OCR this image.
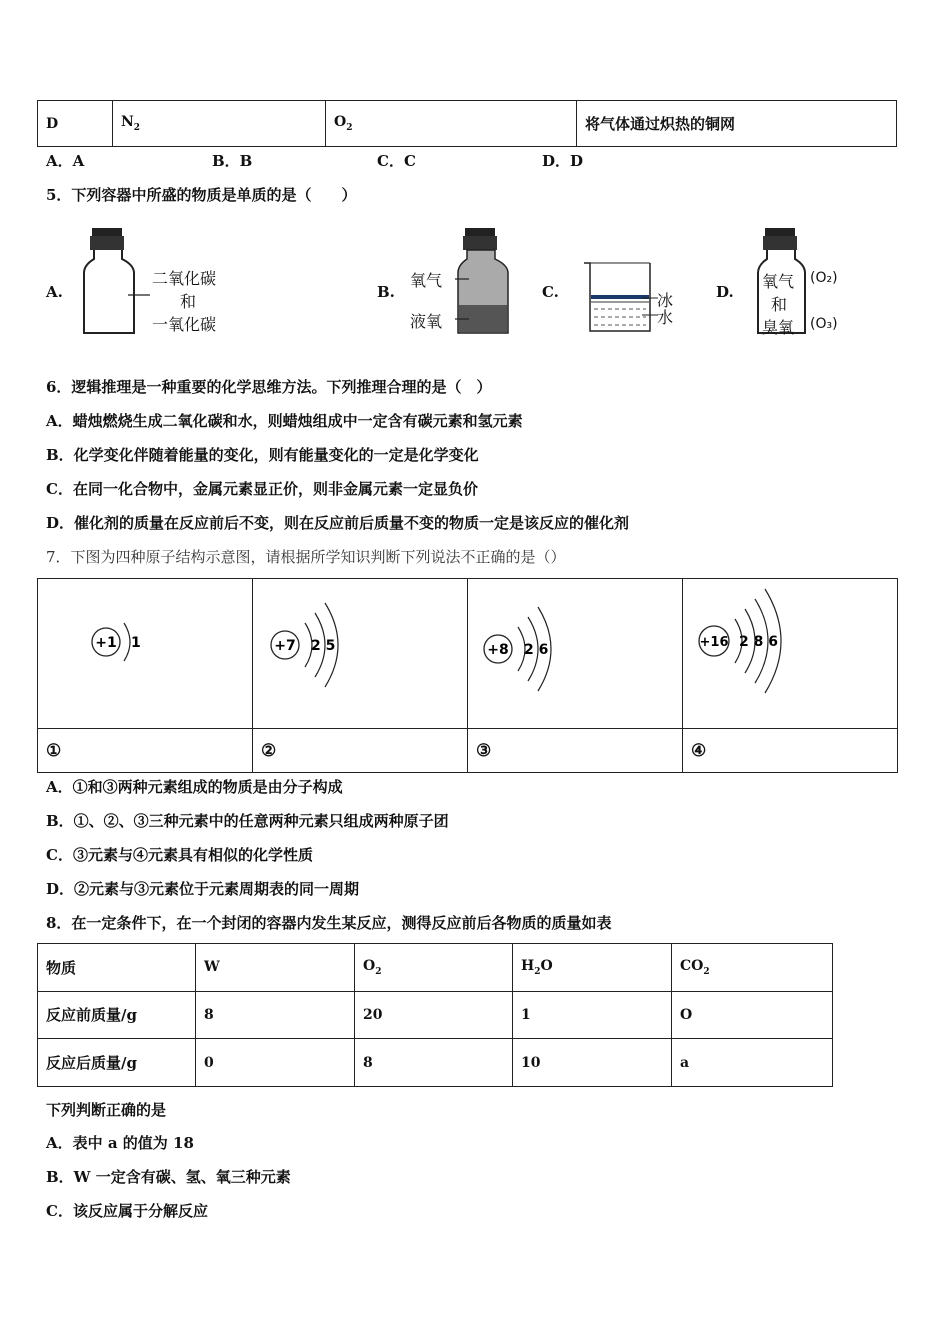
D	$N_2$	$O_2$	将气体通过炽热的铜网
A．A	B．B	C．C	D．D
5．下列容器中所盛的物质是单质的是（　　）
A.	B.	C.	D.
二氧化碳
和
一氧化碳
氧气
液氧
冰
水
氧气
和
臭氧
(O₂)
(O₃)
6．逻辑推理是一种重要的化学思维方法。下列推理合理的是（　）
A．蜡烛燃烧生成二氧化碳和水，则蜡烛组成中一定含有碳元素和氢元素
B．化学变化伴随着能量的变化，则有能量变化的一定是化学变化
C．在同一化合物中，金属元素显正价，则非金属元素一定显负价
D．催化剂的质量在反应前后不变，则在反应前后质量不变的物质一定是该反应的催化剂
7．下图为四种原子结构示意图，请根据所学知识判断下列说法不正确的是（）
+1 1	+7 2 5	+8 2 6	+16 2 8 6

①	②	③	④
A．①和③两种元素组成的物质是由分子构成
B．①、②、③三种元素中的任意两种元素只组成两种原子团
C．③元素与④元素具有相似的化学性质
D．②元素与③元素位于元素周期表的同一周期
8．在一定条件下，在一个封闭的容器内发生某反应，测得反应前后各物质的质量如表
物质	W	$O_2$	$H_2O$	$CO_2$
反应前质量/g	8	20	1	O
反应后质量/g	0	8	10	a
下列判断正确的是
A．表中 a 的值为 18
B．W 一定含有碳、氢、氧三种元素
C．该反应属于分解反应
